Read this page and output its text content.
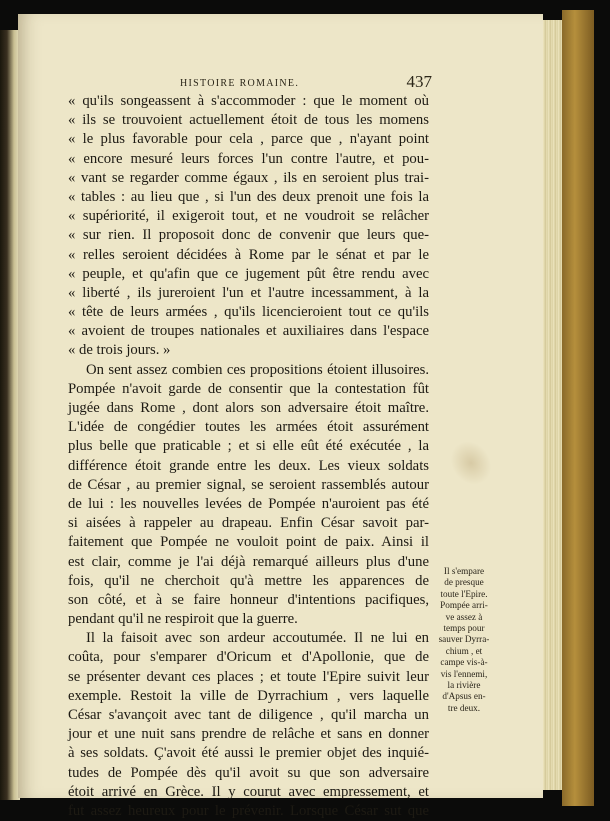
HISTOIRE ROMAINE.	437
« qu'ils songeassent à s'accommoder : que le moment où
« ils se trouvoient actuellement étoit de tous les momens
« le plus favorable pour cela , parce que , n'ayant point
« encore mesuré leurs forces l'un contre l'autre, et pou-
« vant se regarder comme égaux , ils en seroient plus trai-
« tables : au lieu que , si l'un des deux prenoit une fois la
« supériorité, il exigeroit tout, et ne voudroit se relâcher
« sur rien. Il proposoit donc de convenir que leurs que-
« relles seroient décidées à Rome par le sénat et par le
« peuple, et qu'afin que ce jugement pût être rendu avec
« liberté , ils jureroient l'un et l'autre incessamment, à la
« tête de leurs armées , qu'ils licencieroient tout ce qu'ils
« avoient de troupes nationales et auxiliaires dans l'espace
« de trois jours. »
On sent assez combien ces propositions étoient illusoires.
Pompée n'avoit garde de consentir que la contestation fût
jugée dans Rome , dont alors son adversaire étoit maître.
L'idée de congédier toutes les armées étoit assurément
plus belle que praticable ; et si elle eût été exécutée , la
différence étoit grande entre les deux. Les vieux soldats
de César , au premier signal, se seroient rassemblés autour
de lui : les nouvelles levées de Pompée n'auroient pas été
si aisées à rappeler au drapeau. Enfin César savoit par-
faitement que Pompée ne vouloit point de paix. Ainsi il
est clair, comme je l'ai déjà remarqué ailleurs plus d'une
fois, qu'il ne cherchoit qu'à mettre les apparences de
son côté, et à se faire honneur d'intentions pacifiques,
pendant qu'il ne respiroit que la guerre.
Il la faisoit avec son ardeur accoutumée. Il ne lui en
coûta, pour s'emparer d'Oricum et d'Apollonie, que de
se présenter devant ces places ; et toute l'Epire suivit leur
exemple. Restoit la ville de Dyrrachium , vers laquelle
César s'avançoit avec tant de diligence , qu'il marcha un
jour et une nuit sans prendre de relâche et sans en donner
à ses soldats. Ç'avoit été aussi le premier objet des inquié-
tudes de Pompée dès qu'il avoit su que son adversaire
étoit arrivé en Grèce. Il y courut avec empressement, et
fut assez heureux pour le prévenir. Lorsque César sut que
Il s'empare
de presque
toute l'Epire.
Pompée arri-
ve assez à
temps pour
sauver Dyrra-
chium , et
campe vis-à-
vis l'ennemi,
la rivière
d'Apsus en-
tre deux.
